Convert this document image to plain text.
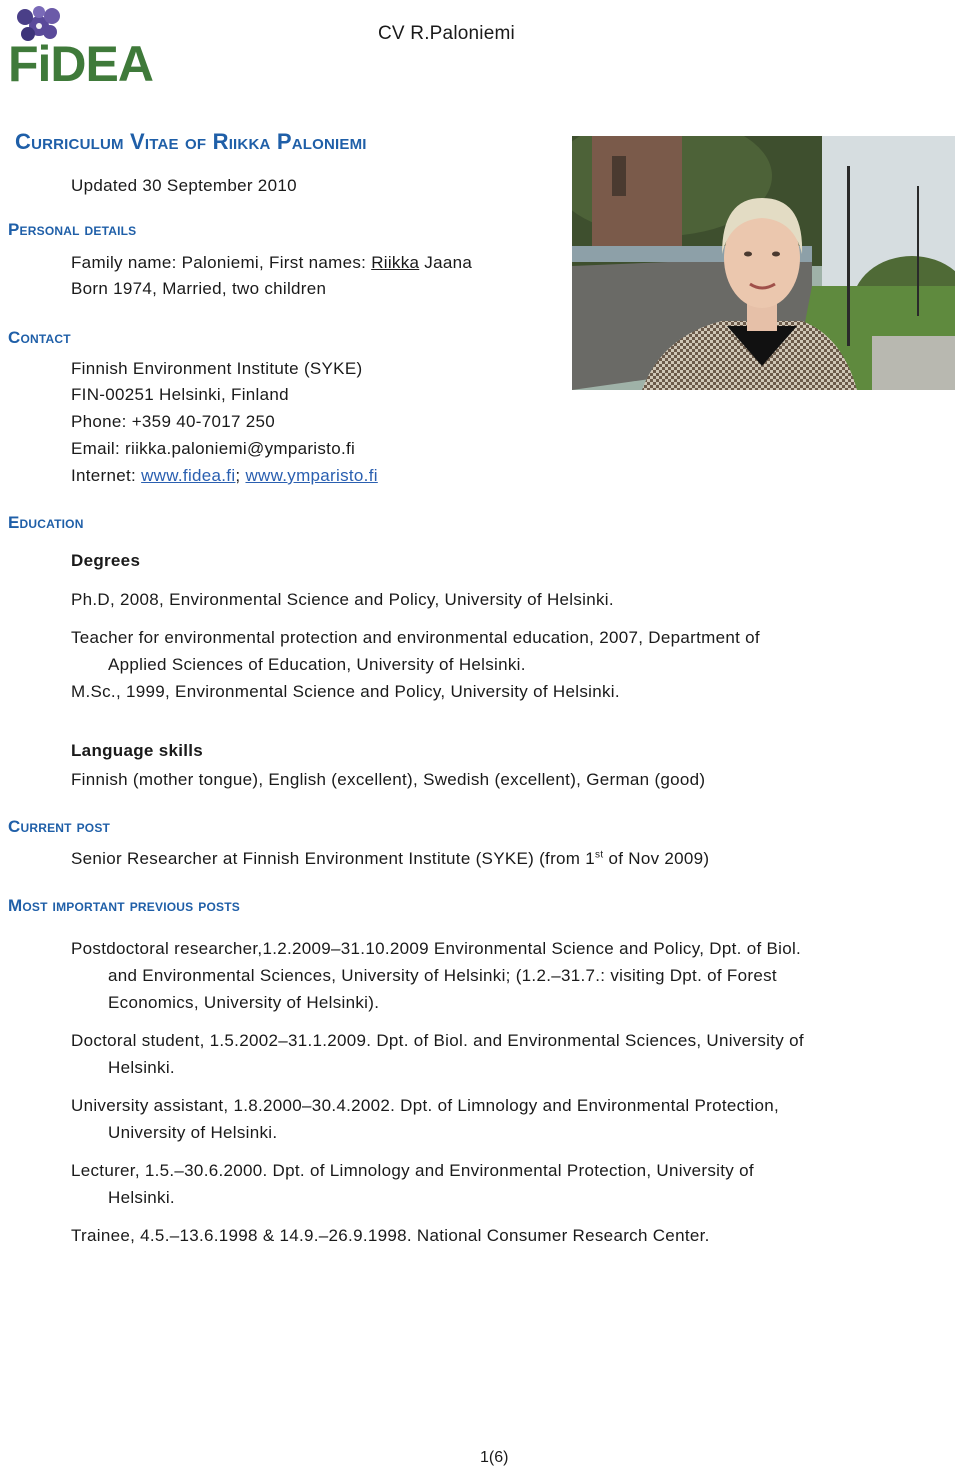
FiDEA
CV R.Paloniemi
Curriculum Vitae of Riikka Paloniemi
Updated 30 September 2010
Personal details
Family name: Paloniemi, First names: Riikka Jaana
Born 1974, Married, two children
Contact
Finnish Environment Institute (SYKE)
FIN-00251 Helsinki, Finland
Phone: +359 40-7017 250
Email: riikka.paloniemi@ymparisto.fi
Internet: www.fidea.fi; www.ymparisto.fi
Education
Degrees
Ph.D, 2008, Environmental Science and Policy, University of Helsinki.
Teacher for environmental protection and environmental education, 2007, Department of
Applied Sciences of Education, University of Helsinki.
M.Sc., 1999, Environmental Science and Policy, University of Helsinki.
Language skills
Finnish (mother tongue), English (excellent), Swedish (excellent), German (good)
Current post
Senior Researcher at Finnish Environment Institute (SYKE) (from 1st of Nov 2009)
Most important previous posts
Postdoctoral researcher,1.2.2009–31.10.2009 Environmental Science and Policy, Dpt. of Biol.
and Environmental Sciences, University of Helsinki; (1.2.–31.7.: visiting Dpt. of Forest
Economics, University of Helsinki).
Doctoral student, 1.5.2002–31.1.2009. Dpt. of Biol. and Environmental Sciences, University of
Helsinki.
University assistant, 1.8.2000–30.4.2002. Dpt. of Limnology and Environmental Protection,
University of Helsinki.
Lecturer, 1.5.–30.6.2000. Dpt. of Limnology and Environmental Protection, University of
Helsinki.
Trainee, 4.5.–13.6.1998 & 14.9.–26.9.1998. National Consumer Research Center.
1(6)
